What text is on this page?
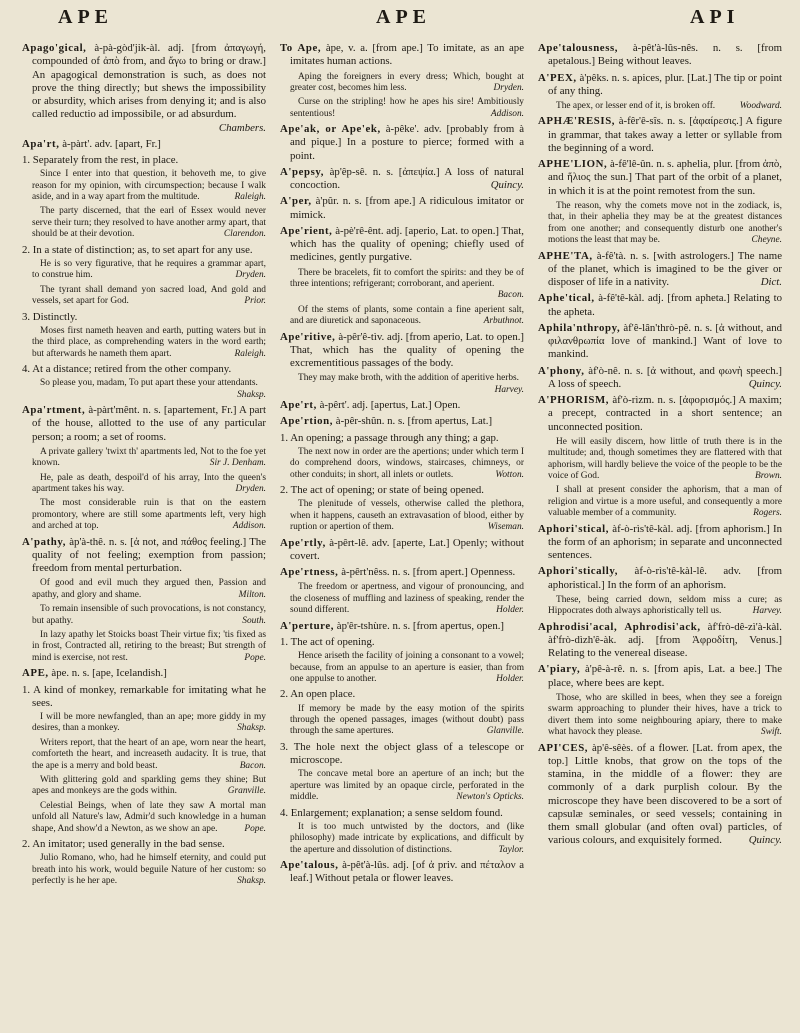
APE	APE	API
Apago'gical, à-pà-gòd'jik-àl. adj. [from ἀπαγωγή, compounded of ἀπὸ from, and ἄγω to bring or draw.] An apagogical demonstration is such, as does not prove the thing directly; but shews the impossibility or absurdity, which arises from denying it; and is also called reductio ad impossibile, or ad absurdum.
Chambers.
Apa'rt, à-pàrt'. adv. [apart, Fr.]
1. Separately from the rest, in place.
Since I enter into that question, it behoveth me, to give reason for my opinion, with circumspection; because I walk aside, and in a way apart from the multitude.	Raleigh.
The party discerned, that the earl of Essex would never serve their turn; they resolved to have another army apart, that should be at their devotion.	Clarendon.
2. In a state of distinction; as, to set apart for any use.
He is so very figurative, that he requires a grammar apart, to construe him.	Dryden.
The tyrant shall demand yon sacred load, And gold and vessels, set apart for God.	Prior.
3. Distinctly.
Moses first nameth heaven and earth, putting waters but in the third place, as comprehending waters in the word earth; but afterwards he nameth them apart.	Raleigh.
4. At a distance; retired from the other company.
So please you, madam, To put apart these your attendants.
Shaksp.
Apa'rtment, à-pàrt'mênt. n. s. [apartement, Fr.] A part of the house, allotted to the use of any particular person; a room; a set of rooms.
A private gallery 'twixt th' apartments led, Not to the foe yet known.	Sir J. Denham.
He, pale as death, despoil'd of his array, Into the queen's apartment takes his way.	Dryden.
The most considerable ruin is that on the eastern promontory, where are still some apartments left, very high and arched at top.	Addison.
A'pathy, àp'à-thê. n. s. [ἀ not, and πάθος feeling.] The quality of not feeling; exemption from passion; freedom from mental perturbation.
Of good and evil much they argued then, Passion and apathy, and glory and shame.	Milton.
To remain insensible of such provocations, is not constancy, but apathy.	South.
In lazy apathy let Stoicks boast Their virtue fix; 'tis fixed as in frost, Contracted all, retiring to the breast; But strength of mind is exercise, not rest.	Pope.
APE, àpe. n. s. [ape, Icelandish.]
1. A kind of monkey, remarkable for imitating what he sees.
I will be more newfangled, than an ape; more giddy in my desires, than a monkey.	Shaksp.
Writers report, that the heart of an ape, worn near the heart, comforteth the heart, and increaseth audacity. It is true, that the ape is a merry and bold beast.	Bacon.
With glittering gold and sparkling gems they shine; But apes and monkeys are the gods within.	Granville.
Celestial Beings, when of late they saw A mortal man unfold all Nature's law, Admir'd such knowledge in a human shape, And show'd a Newton, as we show an ape.	Pope.
2. An imitator; used generally in the bad sense.
Julio Romano, who, had he himself eternity, and could put breath into his work, would beguile Nature of her custom: so perfectly is he her ape.	Shaksp.
To Ape, àpe, v. a. [from ape.] To imitate, as an ape imitates human actions.
Aping the foreigners in every dress; Which, bought at greater cost, becomes him less.	Dryden.
Curse on the stripling! how he apes his sire! Ambitiously sententious!	Addison.
Ape'ak, or Ape'ek, à-pêke'. adv. [probably from à and pique.] In a posture to pierce; formed with a point.
A'pepsy, àp'êp-sê. n. s. [ἀπεψία.] A loss of natural concoction.	Quincy.
A'per, à'pûr. n. s. [from ape.] A ridiculous imitator or mimick.
Ape'rient, à-pè'rê-ênt. adj. [aperio, Lat. to open.] That, which has the quality of opening; chiefly used of medicines, gently purgative.
There be bracelets, fit to comfort the spirits: and they be of three intentions; refrigerant; corroborant, and aperient.
Bacon.
Of the stems of plants, some contain a fine aperient salt, and are diuretick and saponaceous.	Arbuthnot.
Ape'ritive, à-pêr'ê-tìv. adj. [from aperio, Lat. to open.] That, which has the quality of opening the excrementitious passages of the body.
They may make broth, with the addition of aperitive herbs.
Harvey.
Ape'rt, à-pêrt'. adj. [apertus, Lat.] Open.
Ape'rtion, à-pêr-shûn. n. s. [from apertus, Lat.]
1. An opening; a passage through any thing; a gap.
The next now in order are the apertions; under which term I do comprehend doors, windows, staircases, chimneys, or other conduits; in short, all inlets or outlets.	Wotton.
2. The act of opening; or state of being opened.
The plenitude of vessels, otherwise called the plethora, when it happens, causeth an extravasation of blood, either by ruption or apertion of them.	Wiseman.
Ape'rtly, à-pêrt-lê. adv. [aperte, Lat.] Openly; without covert.
Ape'rtness, à-pêrt'nêss. n. s. [from apert.] Openness.
The freedom or apertness, and vigour of pronouncing, and the closeness of muffling and laziness of speaking, render the sound different.	Holder.
A'perture, àp'êr-tshùre. n. s. [from apertus, open.]
1. The act of opening.
Hence ariseth the facility of joining a consonant to a vowel; because, from an appulse to an aperture is easier, than from one appulse to another.	Holder.
2. An open place.
If memory be made by the easy motion of the spirits through the opened passages, images (without doubt) pass through the same apertures.	Glanville.
3. The hole next the object glass of a telescope or microscope.
The concave metal bore an aperture of an inch; but the aperture was limited by an opaque circle, perforated in the middle.	Newton's Opticks.
4. Enlargement; explanation; a sense seldom found.
It is too much untwisted by the doctors, and (like philosophy) made intricate by explications, and difficult by the aperture and dissolution of distinctions.	Taylor.
Ape'talous, à-pêt'à-lûs. adj. [of ἀ priv. and πέταλον a leaf.] Without petala or flower leaves.
Ape'talousness, à-pêt'à-lûs-nês. n. s. [from apetalous.] Being without leaves.
A'PEX, à'pêks. n. s. apices, plur. [Lat.] The tip or point of any thing.
The apex, or lesser end of it, is broken off.	Woodward.
APHÆ'RESIS, à-fêr'ê-sîs. n. s. [ἀφαίρεσις.] A figure in grammar, that takes away a letter or syllable from the beginning of a word.
APHE'LION, à-fê'lê-ûn. n. s. aphelia, plur. [from ἀπὸ, and ἥλιος the sun.] That part of the orbit of a planet, in which it is at the point remotest from the sun.
The reason, why the comets move not in the zodiack, is, that, in their aphelia they may be at the greatest distances from one another; and consequently disturb one another's motions the least that may be.	Cheyne.
APHE'TA, à-fê'tà. n. s. [with astrologers.] The name of the planet, which is imagined to be the giver or disposer of life in a nativity.	Dict.
Aphe'tical, à-fê'tê-kàl. adj. [from apheta.] Relating to the apheta.
Aphila'nthropy, àf'ê-lân'thrò-pê. n. s. [ἀ without, and φιλανθρωπία love of mankind.] Want of love to mankind.
A'phony, àf'ò-nê. n. s. [ἀ without, and φωνὴ speech.] A loss of speech.	Quincy.
A'PHORISM, àf'ò-rìzm. n. s. [ἀφορισμός.] A maxim; a precept, contracted in a short sentence; an unconnected position.
He will easily discern, how little of truth there is in the multitude; and, though sometimes they are flattered with that aphorism, will hardly believe the voice of the people to be the voice of God.	Brown.
I shall at present consider the aphorism, that a man of religion and virtue is a more useful, and consequently a more valuable member of a community.	Rogers.
Aphori'stical, àf-ò-rìs'tê-kàl. adj. [from aphorism.] In the form of an aphorism; in separate and unconnected sentences.
Aphori'stically, àf-ò-rìs'tê-kàl-lê. adv. [from aphoristical.] In the form of an aphorism.
These, being carried down, seldom miss a cure; as Hippocrates doth always aphoristically tell us.	Harvey.
Aphrodisi'acal, Aphrodisi'ack, àf'frò-dê-zì'à-kàl. àf'frò-dìzh'ê-àk. adj. [from Ἀφροδίτη, Venus.] Relating to the venereal disease.
A'piary, à'pê-à-rê. n. s. [from apis, Lat. a bee.] The place, where bees are kept.
Those, who are skilled in bees, when they see a foreign swarm approaching to plunder their hives, have a trick to divert them into some neighbouring apiary, there to make what havock they please.	Swift.
API'CES, àp'ê-sêès. of a flower. [Lat. from apex, the top.] Little knobs, that grow on the tops of the stamina, in the middle of a flower: they are commonly of a dark purplish colour. By the microscope they have been discovered to be a sort of capsulæ seminales, or seed vessels; containing in them small globular (and often oval) particles, of various colours, and exquisitely formed. Quincy.
